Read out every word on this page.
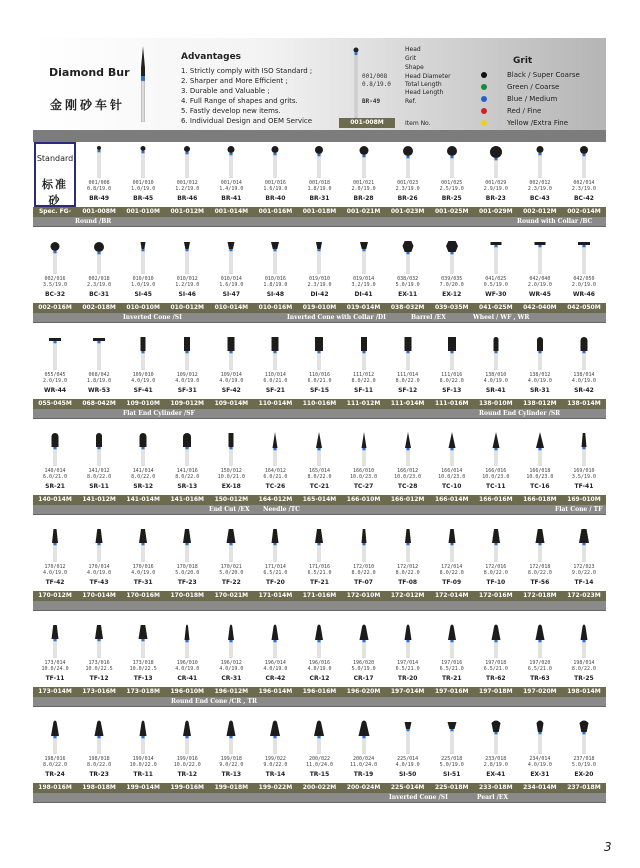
Diamond Bur
金刚砂车针
Advantages
1. Strictly comply with ISO Standard ;
2. Sharper and More Efficient ;
3. Durable and Valuable ;
4. Full Range of shapes and grits.
5. Fastly develop new items.
6. Individual Design and OEM Service
Head
Grit
Shape
Head Diameter
Total Length
Head Length
Ref.
001/008
0.8/19.0
BR-49
001-008M	Item No.
Grit
Black / Super Coarse
Green / Coarse
Blue / Medium
Red / Fine
Yellow /Extra Fine
Standard
标准砂
001/008
0.8/19.0
BR-49
001/010
1.0/19.0
BR-45
001/012
1.2/19.0
BR-46
001/014
1.4/19.0
BR-41
001/016
1.6/19.0
BR-40
001/018
1.8/19.0
BR-31
001/021
2.0/19.0
BR-28
001/023
2.3/19.0
BR-26
001/025
2.5/19.0
BR-25
001/029
2.9/19.0
BR-23
002/012
2.3/19.0
BC-43
002/014
2.3/19.0
BC-42
Spec. FG-	001-008M	001-010M	001-012M	001-014M	001-016M	001-018M	001-021M	001-023M	001-025M	001-029M	002-012M	002-014M
Round /BR	Round with Collar /BC
002/016
3.5/19.0
BC-32
002/018
2.3/19.0
BC-31
010/010
1.0/19.0
SI-45
010/012
1.2/19.0
SI-46
010/014
1.6/19.0
SI-47
010/016
1.8/19.0
SI-48
019/010
2.3/19.0
DI-42
019/014
3.2/19.0
DI-41
038/032
5.0/19.0
EX-11
039/035
7.0/20.0
EX-12
041/025
0.5/19.0
WF-30
042/040
2.0/19.0
WR-45
042/050
2.0/19.0
WR-46
002-016M	002-018M	010-010M	010-012M	010-014M	010-016M	019-010M	019-014M	038-032M	039-035M	041-025M	042-040M	042-050M
Inverted Cone /SI	Inverted Cone with Collar /DI	Barrel /EX	Wheel / WF , WR
055/045
2.0/19.0
WR-44
068/042
1.8/19.0
WR-53
109/010
4.0/19.0
SF-41
109/012
4.0/19.0
SF-31
109/014
4.0/19.0
SF-42
110/014
6.0/21.0
SF-21
110/016
6.0/21.0
SF-15
111/012
8.0/22.0
SF-11
111/014
8.0/22.0
SF-12
111/016
8.0/22.0
SF-13
138/010
4.0/19.0
SR-41
138/012
4.0/19.0
SR-31
138/014
4.0/19.0
SR-42
055-045M	068-042M	109-010M	109-012M	109-014M	110-014M	110-016M	111-012M	111-014M	111-016M	138-010M	138-012M	138-014M
Flat End Cylinder /SF	Round End Cylinder /SR
140/014
6.0/21.0
SR-21
141/012
8.0/22.0
SR-11
141/014
8.0/22.0
SR-12
141/016
8.0/22.0
SR-13
150/012
10.0/21.0
EX-18
164/012
6.0/21.0
TC-26
165/014
8.0/22.0
TC-21
166/010
10.0/23.0
TC-27
166/012
10.0/23.0
TC-28
166/014
10.0/23.0
TC-10
166/016
10.0/23.0
TC-11
166/018
10.0/23.0
TC-16
169/010
3.5/19.0
TF-41
140-014M	141-012M	141-014M	141-016M	150-012M	164-012M	165-014M	166-010M	166-012M	166-014M	166-016M	166-018M	169-010M
End Cut /EX Needle /TC	Flat Cone / TF
170/012
4.0/19.0
TF-42
170/014
4.0/19.0
TF-43
170/016
4.0/19.0
TF-31
170/018
5.0/20.0
TF-23
170/021
5.0/20.0
TF-22
171/014
6.5/21.0
TF-20
171/016
6.5/21.0
TF-21
172/010
8.0/22.0
TF-07
172/012
8.0/22.0
TF-08
172/014
8.0/22.0
TF-09
172/016
8.0/22.0
TF-10
172/018
8.0/22.0
TF-56
172/023
9.0/22.0
TF-14
170-012M	170-014M	170-016M	170-018M	170-021M	171-014M	171-016M	172-010M	172-012M	172-014M	172-016M	172-018M	172-023M
173/014
10.0/24.0
TF-11
173/016
10.0/22.5
TF-12
173/018
10.0/22.5
TF-13
196/010
4.0/19.0
CR-41
196/012
4.0/19.0
CR-31
196/014
4.0/19.0
CR-42
196/016
4.0/19.0
CR-12
196/020
5.0/19.0
CR-17
197/014
6.5/21.0
TR-20
197/016
6.5/21.0
TR-21
197/018
6.5/21.0
TR-62
197/020
6.5/21.0
TR-63
198/014
8.0/22.0
TR-25
173-014M	173-016M	173-018M	196-010M	196-012M	196-014M	196-016M	196-020M	197-014M	197-016M	197-018M	197-020M	198-014M
Round End Cone /CR , TR
198/016
8.0/22.0
TR-24
198/018
8.0/22.0
TR-23
199/014
10.0/22.0
TR-11
199/016
10.0/22.0
TR-12
199/018
9.0/22.0
TR-13
199/022
9.0/22.0
TR-14
200/022
11.0/24.0
TR-15
200/024
11.0/24.0
TR-19
225/014
4.0/19.0
SI-50
225/018
5.0/19.0
SI-51
233/018
2.8/19.0
EX-41
234/014
4.0/19.0
EX-31
237/018
5.0/19.0
EX-20
198-016M	198-018M	199-014M	199-016M	199-018M	199-022M	200-022M	200-024M	225-014M	225-018M	233-018M	234-014M	237-018M
Inverted Cone /SI	Pearl /EX
3
